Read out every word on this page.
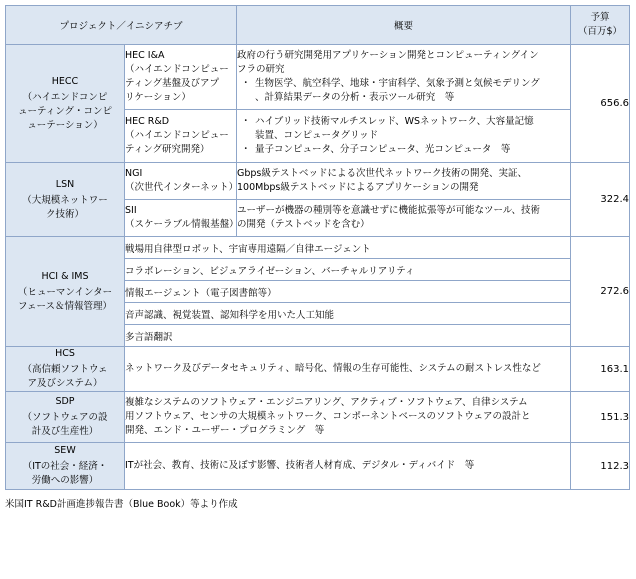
プロジェクト／イニシアチブ		概要	予算
（百万$）

HECC
（ハイエンドコンピ
ューティング・コンピ
ューテーション）	HEC I&A
（ハイエンドコンピュー
ティング基盤及びアプ
リケーション）	政府の行う研究開発用アプリケーション開発とコンピューティングイン
フラの研究
・ 生物医学、航空科学、地球・宇宙科学、気象予測と気候モデリング
、計算結果データの分析・表示ツール研究　等	656.6
	HEC R&D
（ハイエンドコンピュー
ティング研究開発）	・ ハイブリッド技術マルチスレッド、WSネットワーク、大容量記憶
装置、コンピュータグリッド
・ 量子コンピュータ、分子コンピュータ、光コンピュータ　等	

LSN
（大規模ネットワー
ク技術）	NGI
（次世代インターネット）	Gbps級テストベッドによる次世代ネットワーク技術の開発、実証、
100Mbps級テストベッドによるアプリケーションの開発	322.4
	SII
（スケーラブル情報基盤）	ユーザーが機器の種別等を意識せずに機能拡張等が可能なツール、技術
の開発（テストベッドを含む）	

HCI & IMS
（ヒューマンインター
フェース＆情報管理）	戦場用自律型ロボット、宇宙専用遠隔／自律エージェント		272.6
	コラボレーション、ビジュアライゼーション、バーチャルリアリティ		
	情報エージェント（電子図書館等）		
	音声認識、視覚装置、認知科学を用いた人工知能		
	多言語翻訳		

HCS
（高信頼ソフトウェ
ア及びシステム）	ネットワーク及びデータセキュリティ、暗号化、情報の生存可能性、システムの耐ストレス性など		163.1

SDP
（ソフトウェアの設
計及び生産性）	複雑なシステムのソフトウェア・エンジニアリング、アクティブ・ソフトウェア、自律システム
用ソフトウェア、センサの大規模ネットワーク、コンポーネントベースのソフトウェアの設計と
開発、エンド・ユーザー・プログラミング　等		151.3

SEW
（ITの社会・経済・
労働への影響）	ITが社会、教育、技術に及ぼす影響、技術者人材育成、デジタル・ディバイド　等		112.3
米国IT R&D計画進捗報告書（Blue Book）等より作成
